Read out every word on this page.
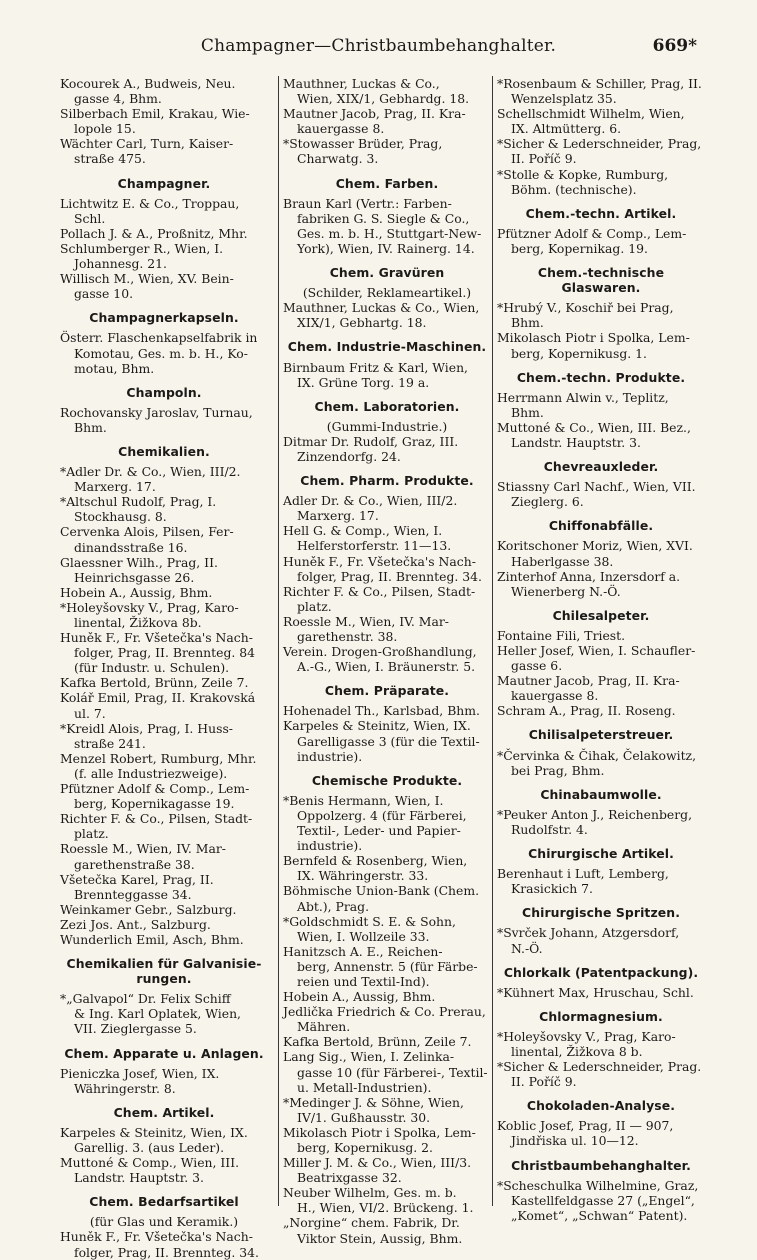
Champagner—Christbaumbehanghalter.	669*

Kocourek A., Budweis, Neu.
gasse 4, Bhm.

Silberbach Emil, Krakau, Wie-
lopole 15.

Wächter Carl, Turn, Kaiser-
straße 475.

Champagner.

Lichtwitz E. & Co., Troppau,
Schl.

Pollach J. & A., Proßnitz, Mhr.

Schlumberger R., Wien, I.
Johannesg. 21.

Willisch M., Wien, XV. Bein-
gasse 10.

Champagnerkapseln.

Österr. Flaschenkapselfabrik in
Komotau, Ges. m. b. H., Ko-
motau, Bhm.

Champoln.

Rochovansky Jaroslav, Turnau,
Bhm.

Chemikalien.

*Adler Dr. & Co., Wien, III/2.
Marxerg. 17.

*Altschul Rudolf, Prag, I.
Stockhausg. 8.

Cervenka Alois, Pilsen, Fer-
dinandsstraße 16.

Glaessner Wilh., Prag, II.
Heinrichsgasse 26.

Hobein A., Aussig, Bhm.

*Holeyšovsky V., Prag, Karo-
linental, Žižkova 8b.

Huněk F., Fr. Všetečka's Nach-
folger, Prag, II. Brennteg. 84
(für Industr. u. Schulen).

Kafka Bertold, Brünn, Zeile 7.

Kolář Emil, Prag, II. Krakovská
ul. 7.

*Kreidl Alois, Prag, I. Huss-
straße 241.

Menzel Robert, Rumburg, Mhr.
(f. alle Industriezweige).

Pfützner Adolf & Comp., Lem-
berg, Kopernikagasse 19.

Richter F. & Co., Pilsen, Stadt-
platz.

Roessle M., Wien, IV. Mar-
garethenstraße 38.

Všetečka Karel, Prag, II.
Brennteggasse 34.

Weinkamer Gebr., Salzburg.

Zezi Jos. Ant., Salzburg.

Wunderlich Emil, Asch, Bhm.

Chemikalien für Galvanisie-
rungen.

*„Galvapol“ Dr. Felix Schiff
& Ing. Karl Oplatek, Wien,
VII. Zieglergasse 5.

Chem. Apparate u. Anlagen.

Pieniczka Josef, Wien, IX.
Währingerstr. 8.

Chem. Artikel.

Karpeles & Steinitz, Wien, IX.
Garellig. 3. (aus Leder).

Muttoné & Comp., Wien, III.
Landstr. Hauptstr. 3.

Chem. Bedarfsartikel

(für Glas und Keramik.)

Huněk F., Fr. Všetečka's Nach-
folger, Prag, II. Brennteg. 34.

Mauthner, Luckas & Co.,
Wien, XIX/1, Gebhardg. 18.

Mautner Jacob, Prag, II. Kra-
kauergasse 8.

*Stowasser Brüder, Prag,
Charwatg. 3.

Chem. Farben.

Braun Karl (Vertr.: Farben-
fabriken G. S. Siegle & Co.,
Ges. m. b. H., Stuttgart-New-
York), Wien, IV. Rainerg. 14.

Chem. Gravüren

(Schilder, Reklameartikel.)

Mauthner, Luckas & Co., Wien,
XIX/1, Gebhartg. 18.

Chem. Industrie-Maschinen.

Birnbaum Fritz & Karl, Wien,
IX. Grüne Torg. 19 a.

Chem. Laboratorien.

(Gummi-Industrie.)

Ditmar Dr. Rudolf, Graz, III.
Zinzendorfg. 24.

Chem. Pharm. Produkte.

Adler Dr. & Co., Wien, III/2.
Marxerg. 17.

Hell G. & Comp., Wien, I.
Helferstorferstr. 11—13.

Huněk F., Fr. Všetečka's Nach-
folger, Prag, II. Brennteg. 34.

Richter F. & Co., Pilsen, Stadt-
platz.

Roessle M., Wien, IV. Mar-
garethenstr. 38.

Verein. Drogen-Großhandlung,
A.-G., Wien, I. Bräunerstr. 5.

Chem. Präparate.

Hohenadel Th., Karlsbad, Bhm.

Karpeles & Steinitz, Wien, IX.
Garelligasse 3 (für die Textil-
industrie).

Chemische Produkte.

*Benis Hermann, Wien, I.
Oppolzerg. 4 (für Färberei,
Textil-, Leder- und Papier-
industrie).

Bernfeld & Rosenberg, Wien,
IX. Währingerstr. 33.

Böhmische Union-Bank (Chem.
Abt.), Prag.

*Goldschmidt S. E. & Sohn,
Wien, I. Wollzeile 33.

Hanitzsch A. E., Reichen-
berg, Annenstr. 5 (für Färbe-
reien und Textil-Ind).

Hobein A., Aussig, Bhm.

Jedlička Friedrich & Co. Prerau,
Mähren.

Kafka Bertold, Brünn, Zeile 7.

Lang Sig., Wien, I. Zelinka-
gasse 10 (für Färberei-, Textil-
u. Metall-Industrien).

*Medinger J. & Söhne, Wien,
IV/1. Gußhausstr. 30.

Mikolasch Piotr i Spolka, Lem-
berg, Kopernikusg. 2.

Miller J. M. & Co., Wien, III/3.
Beatrixgasse 32.

Neuber Wilhelm, Ges. m. b.
H., Wien, VI/2. Brückeng. 1.

„Norgine“ chem. Fabrik, Dr.
Viktor Stein, Aussig, Bhm.

*Rosenbaum & Schiller, Prag, II.
Wenzelsplatz 35.

Schellschmidt Wilhelm, Wien,
IX. Altmütterg. 6.

*Sicher & Lederschneider, Prag,
II. Poříč 9.

*Stolle & Kopke, Rumburg,
Böhm. (technische).

Chem.-techn. Artikel.

Pfützner Adolf & Comp., Lem-
berg, Kopernikag. 19.

Chem.-technische Glaswaren.

*Hrubý V., Koschiř bei Prag,
Bhm.

Mikolasch Piotr i Spolka, Lem-
berg, Kopernikusg. 1.

Chem.-techn. Produkte.

Herrmann Alwin v., Teplitz,
Bhm.

Muttoné & Co., Wien, III. Bez.,
Landstr. Hauptstr. 3.

Chevreauxleder.

Stiassny Carl Nachf., Wien, VII.
Zieglerg. 6.

Chiffonabfälle.

Koritschoner Moriz, Wien, XVI.
Haberlgasse 38.

Zinterhof Anna, Inzersdorf a.
Wienerberg N.-Ö.

Chilesalpeter.

Fontaine Fili, Triest.

Heller Josef, Wien, I. Schaufler-
gasse 6.

Mautner Jacob, Prag, II. Kra-
kauergasse 8.

Schram A., Prag, II. Roseng.

Chilisalpeterstreuer.

*Červinka & Čihak, Čelakowitz,
bei Prag, Bhm.

Chinabaumwolle.

*Peuker Anton J., Reichenberg,
Rudolfstr. 4.

Chirurgische Artikel.

Berenhaut i Luft, Lemberg,
Krasickich 7.

Chirurgische Spritzen.

*Svrček Johann, Atzgersdorf,
N.-Ö.

Chlorkalk (Patentpackung).

*Kühnert Max, Hruschau, Schl.

Chlormagnesium.

*Holeyšovsky V., Prag, Karo-
linental, Žižkova 8 b.

*Sicher & Lederschneider, Prag.
II. Poříč 9.

Chokoladen-Analyse.

Koblic Josef, Prag, II — 907,
Jindřiska ul. 10—12.

Christbaumbehanghalter.

*Scheschulka Wilhelmine, Graz,
Kastellfeldgasse 27 („Engel“,
„Komet“, „Schwan“ Patent).
